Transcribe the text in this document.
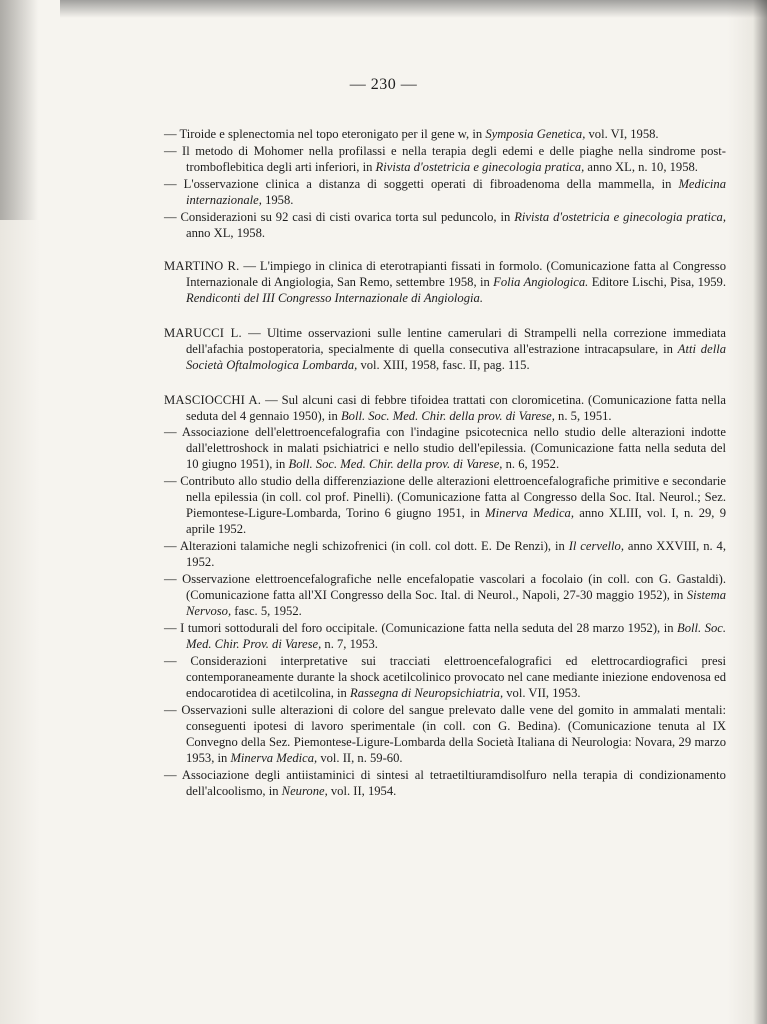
— 230 —

— Tiroide e splenectomia nel topo eteronigato per il gene w, in Symposia Genetica, vol. VI, 1958.

— Il metodo di Mohomer nella profilassi e nella terapia degli edemi e delle piaghe nella sindrome post-tromboflebitica degli arti inferiori, in Rivista d'ostetricia e ginecologia pratica, anno XL, n. 10, 1958.

— L'osservazione clinica a distanza di soggetti operati di fibroadenoma della mammella, in Medicina internazionale, 1958.

— Considerazioni su 92 casi di cisti ovarica torta sul peduncolo, in Rivista d'ostetricia e ginecologia pratica, anno XL, 1958.

MARTINO R. — L'impiego in clinica di eterotrapianti fissati in formolo. (Comunicazione fatta al Congresso Internazionale di Angiologia, San Remo, settembre 1958, in Folia Angiologica. Editore Lischi, Pisa, 1959. Rendiconti del III Congresso Internazionale di Angiologia.

MARUCCI L. — Ultime osservazioni sulle lentine camerulari di Strampelli nella correzione immediata dell'afachia postoperatoria, specialmente di quella consecutiva all'estrazione intracapsulare, in Atti della Società Oftalmologica Lombarda, vol. XIII, 1958, fasc. II, pag. 115.

MASCIOCCHI A. — Sul alcuni casi di febbre tifoidea trattati con cloromicetina. (Comunicazione fatta nella seduta del 4 gennaio 1950), in Boll. Soc. Med. Chir. della prov. di Varese, n. 5, 1951.

— Associazione dell'elettroencefalografia con l'indagine psicotecnica nello studio delle alterazioni indotte dall'elettroshock in malati psichiatrici e nello studio dell'epilessia. (Comunicazione fatta nella seduta del 10 giugno 1951), in Boll. Soc. Med. Chir. della prov. di Varese, n. 6, 1952.

— Contributo allo studio della differenziazione delle alterazioni elettroencefalografiche primitive e secondarie nella epilessia (in coll. col prof. Pinelli). (Comunicazione fatta al Congresso della Soc. Ital. Neurol.; Sez. Piemontese-Ligure-Lombarda, Torino 6 giugno 1951, in Minerva Medica, anno XLIII, vol. I, n. 29, 9 aprile 1952.

— Alterazioni talamiche negli schizofrenici (in coll. col dott. E. De Renzi), in Il cervello, anno XXVIII, n. 4, 1952.

— Osservazione elettroencefalografiche nelle encefalopatie vascolari a focolaio (in coll. con G. Gastaldi). (Comunicazione fatta all'XI Congresso della Soc. Ital. di Neurol., Napoli, 27-30 maggio 1952), in Sistema Nervoso, fasc. 5, 1952.

— I tumori sottodurali del foro occipitale. (Comunicazione fatta nella seduta del 28 marzo 1952), in Boll. Soc. Med. Chir. Prov. di Varese, n. 7, 1953.

— Considerazioni interpretative sui tracciati elettroencefalografici ed elettrocardiografici presi contemporaneamente durante la shock acetilcolinico provocato nel cane mediante iniezione endovenosa ed endocarotidea di acetilcolina, in Rassegna di Neuropsichiatria, vol. VII, 1953.

— Osservazioni sulle alterazioni di colore del sangue prelevato dalle vene del gomito in ammalati mentali: conseguenti ipotesi di lavoro sperimentale (in coll. con G. Bedina). (Comunicazione tenuta al IX Convegno della Sez. Piemontese-Ligure-Lombarda della Società Italiana di Neurologia: Novara, 29 marzo 1953, in Minerva Medica, vol. II, n. 59-60.

— Associazione degli antiistaminici di sintesi al tetraetiltiuramdisolfuro nella terapia di condizionamento dell'alcoolismo, in Neurone, vol. II, 1954.
